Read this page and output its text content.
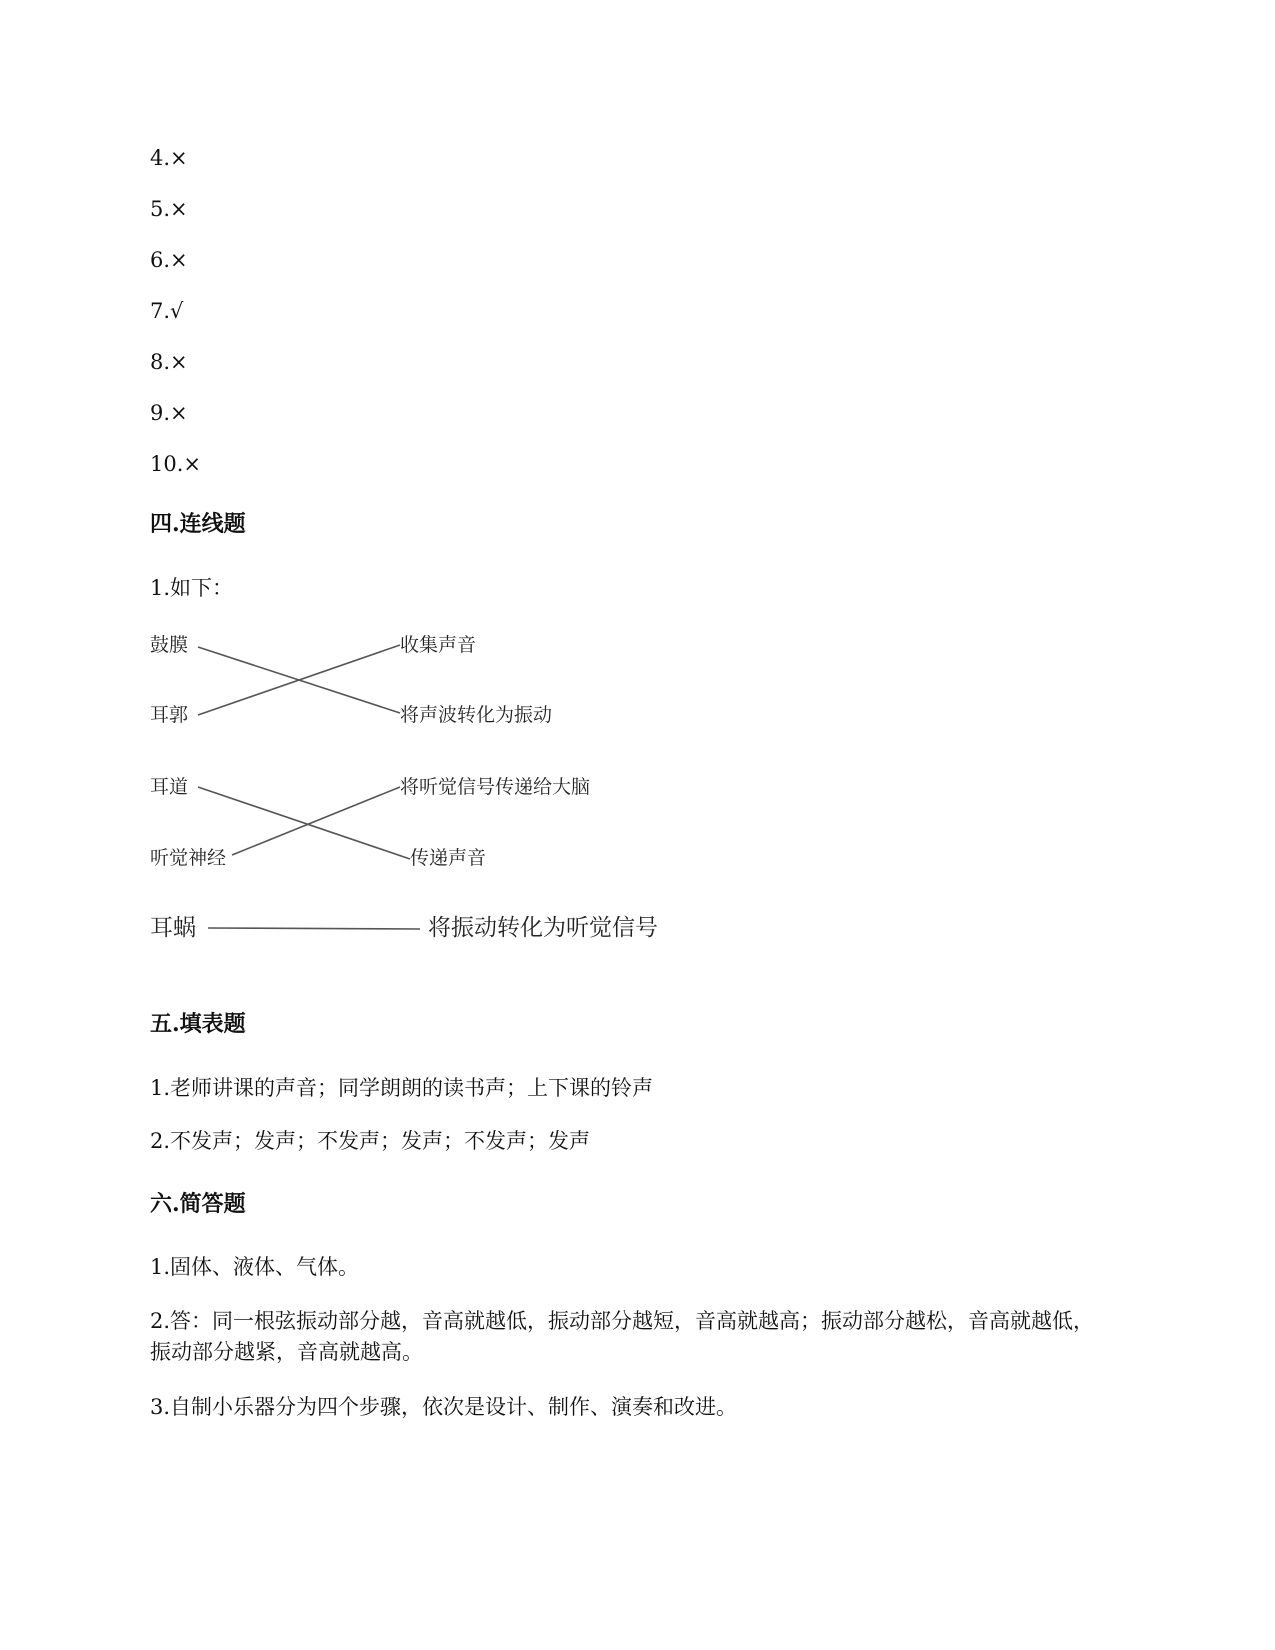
4.×
5.×
6.×
7.√
8.×
9.×
10.×
四.连线题
1.如下：
鼓膜
耳郭
耳道
听觉神经
耳蜗
收集声音
将声波转化为振动
将听觉信号传递给大脑
传递声音
将振动转化为听觉信号
五.填表题
1.老师讲课的声音；同学朗朗的读书声；上下课的铃声
2.不发声；发声；不发声；发声；不发声；发声
六.简答题
1.固体、液体、气体。
2.答：同一根弦振动部分越，音高就越低，振动部分越短，音高就越高；振动部分越松，音高就越低，振动部分越紧，音高就越高。
3.自制小乐器分为四个步骤，依次是设计、制作、演奏和改进。
